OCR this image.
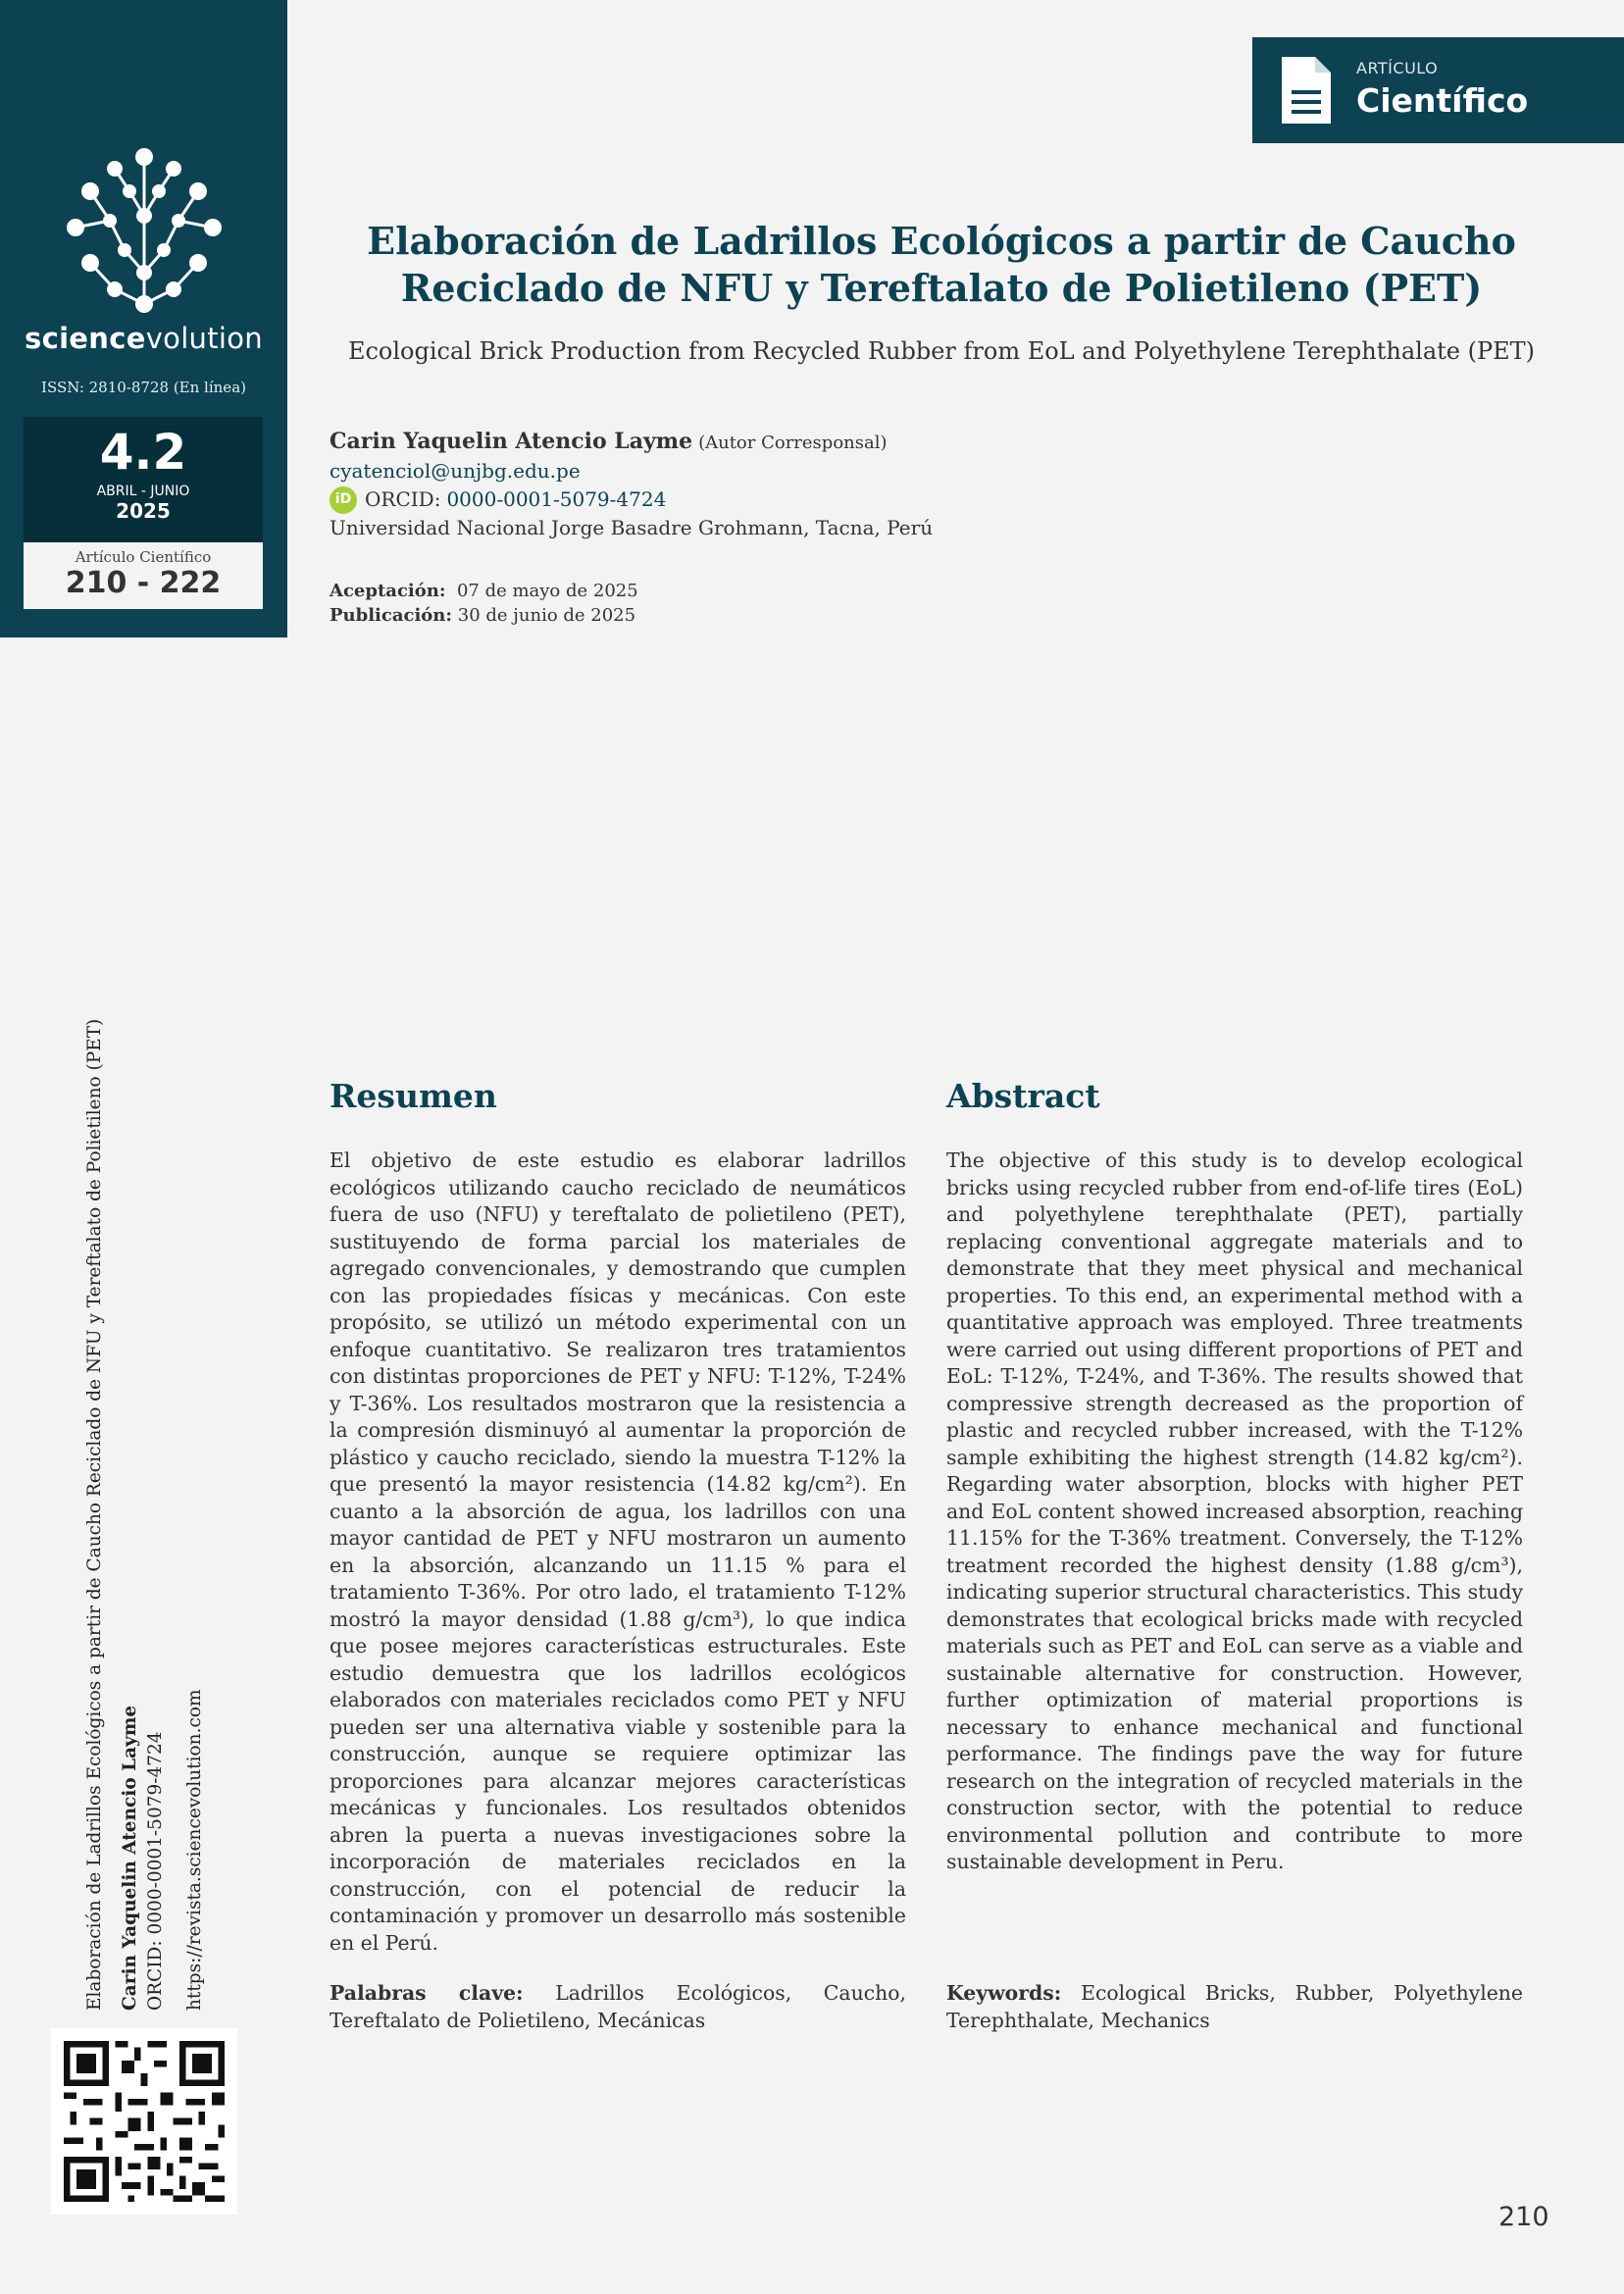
sciencevolution
ISSN: 2810-8728 (En línea)
4.2
ABRIL - JUNIO
2025
Artículo Científico
210 - 222
ARTÍCULO
Científico
Elaboración de Ladrillos Ecológicos a partir de Caucho
Reciclado de NFU y Tereftalato de Polietileno (PET)
Ecological Brick Production from Recycled Rubber from EoL and Polyethylene Terephthalate (PET)
Carin Yaquelin Atencio Layme (Autor Corresponsal)
cyatenciol@unjbg.edu.pe
iD ORCID: 0000-0001-5079-4724
Universidad Nacional Jorge Basadre Grohmann, Tacna, Perú
Aceptación: 07 de mayo de 2025
Publicación: 30 de junio de 2025
Resumen

El objetivo de este estudio es elaborar ladrillos ecológicos utilizando caucho reciclado de neumáticos fuera de uso (NFU) y tereftalato de polietileno (PET), sustituyendo de forma parcial los materiales de agregado convencionales, y demostrando que cumplen con las propiedades físicas y mecánicas. Con este propósito, se utilizó un método experimental con un enfoque cuantitativo. Se realizaron tres tratamientos con distintas proporciones de PET y NFU: T-12%, T-24% y T-36%. Los resultados mostraron que la resistencia a la compresión disminuyó al aumentar la proporción de plástico y caucho reciclado, siendo la muestra T-12% la que presentó la mayor resistencia (14.82 kg/cm²). En cuanto a la absorción de agua, los ladrillos con una mayor cantidad de PET y NFU mostraron un aumento en la absorción, alcanzando un 11.15 % para el tratamiento T-36%. Por otro lado, el tratamiento T-12% mostró la mayor densidad (1.88 g/cm³), lo que indica que posee mejores características estructurales. Este estudio demuestra que los ladrillos ecológicos elaborados con materiales reciclados como PET y NFU pueden ser una alternativa viable y sostenible para la construcción, aunque se requiere optimizar las proporciones para alcanzar mejores características mecánicas y funcionales. Los resultados obtenidos abren la puerta a nuevas investigaciones sobre la incorporación de materiales reciclados en la construcción, con el potencial de reducir la contaminación y promover un desarrollo más sostenible en el Perú.

Palabras clave: Ladrillos Ecológicos, Caucho, Tereftalato de Polietileno, Mecánicas

Abstract

The objective of this study is to develop ecological bricks using recycled rubber from end-of-life tires (EoL) and polyethylene terephthalate (PET), partially replacing conventional aggregate materials and to demonstrate that they meet physical and mechanical properties. To this end, an experimental method with a quantitative approach was employed. Three treatments were carried out using different proportions of PET and EoL: T-12%, T-24%, and T-36%. The results showed that compressive strength decreased as the proportion of plastic and recycled rubber increased, with the T-12% sample exhibiting the highest strength (14.82 kg/cm²). Regarding water absorption, blocks with higher PET and EoL content showed increased absorption, reaching 11.15% for the T-36% treatment. Conversely, the T-12% treatment recorded the highest density (1.88 g/cm³), indicating superior structural characteristics. This study demonstrates that ecological bricks made with recycled materials such as PET and EoL can serve as a viable and sustainable alternative for construction. However, further optimization of material proportions is necessary to enhance mechanical and functional performance. The findings pave the way for future research on the integration of recycled materials in the construction sector, with the potential to reduce environmental pollution and contribute to more sustainable development in Peru.

Keywords: Ecological Bricks, Rubber, Polyethylene Terephthalate, Mechanics

Elaboración de Ladrillos Ecológicos a partir de Caucho Reciclado de NFU y Tereftalato de Polietileno (PET) Carin Yaquelin Atencio Layme ORCID: 0000-0001-5079-4724 https://revista.sciencevolution.com
210
